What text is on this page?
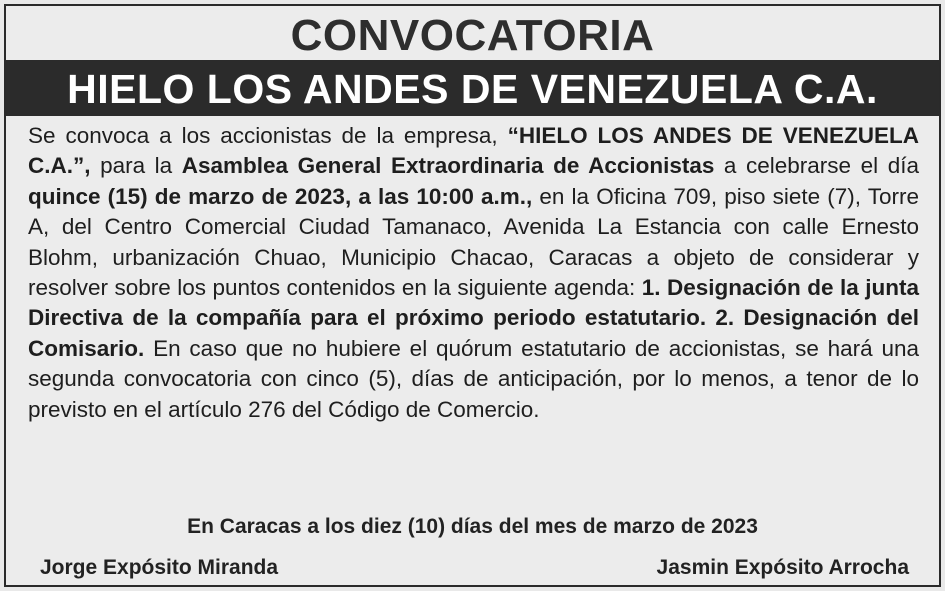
CONVOCATORIA
HIELO LOS ANDES DE VENEZUELA C.A.
Se convoca a los accionistas de la empresa, “HIELO LOS ANDES DE VENEZUELA C.A.”, para la Asamblea General Extraordinaria de Accionistas a celebrarse el día quince (15) de marzo de 2023, a las 10:00 a.m., en la Oficina 709, piso siete (7), Torre A, del Centro Comercial Ciudad Tamanaco, Avenida La Estancia con calle Ernesto Blohm, urbanización Chuao, Municipio Chacao, Caracas a objeto de considerar y resolver sobre los puntos contenidos en la siguiente agenda: 1. Designación de la junta Directiva de la compañía para el próximo periodo estatutario. 2. Designación del Comisario. En caso que no hubiere el quórum estatutario de accionistas, se hará una segunda convocatoria con cinco (5), días de anticipación, por lo menos, a tenor de lo previsto en el artículo 276 del Código de Comercio.
En Caracas a los diez (10) días del mes de marzo de 2023
Jorge Expósito Miranda	Jasmin Expósito Arrocha
